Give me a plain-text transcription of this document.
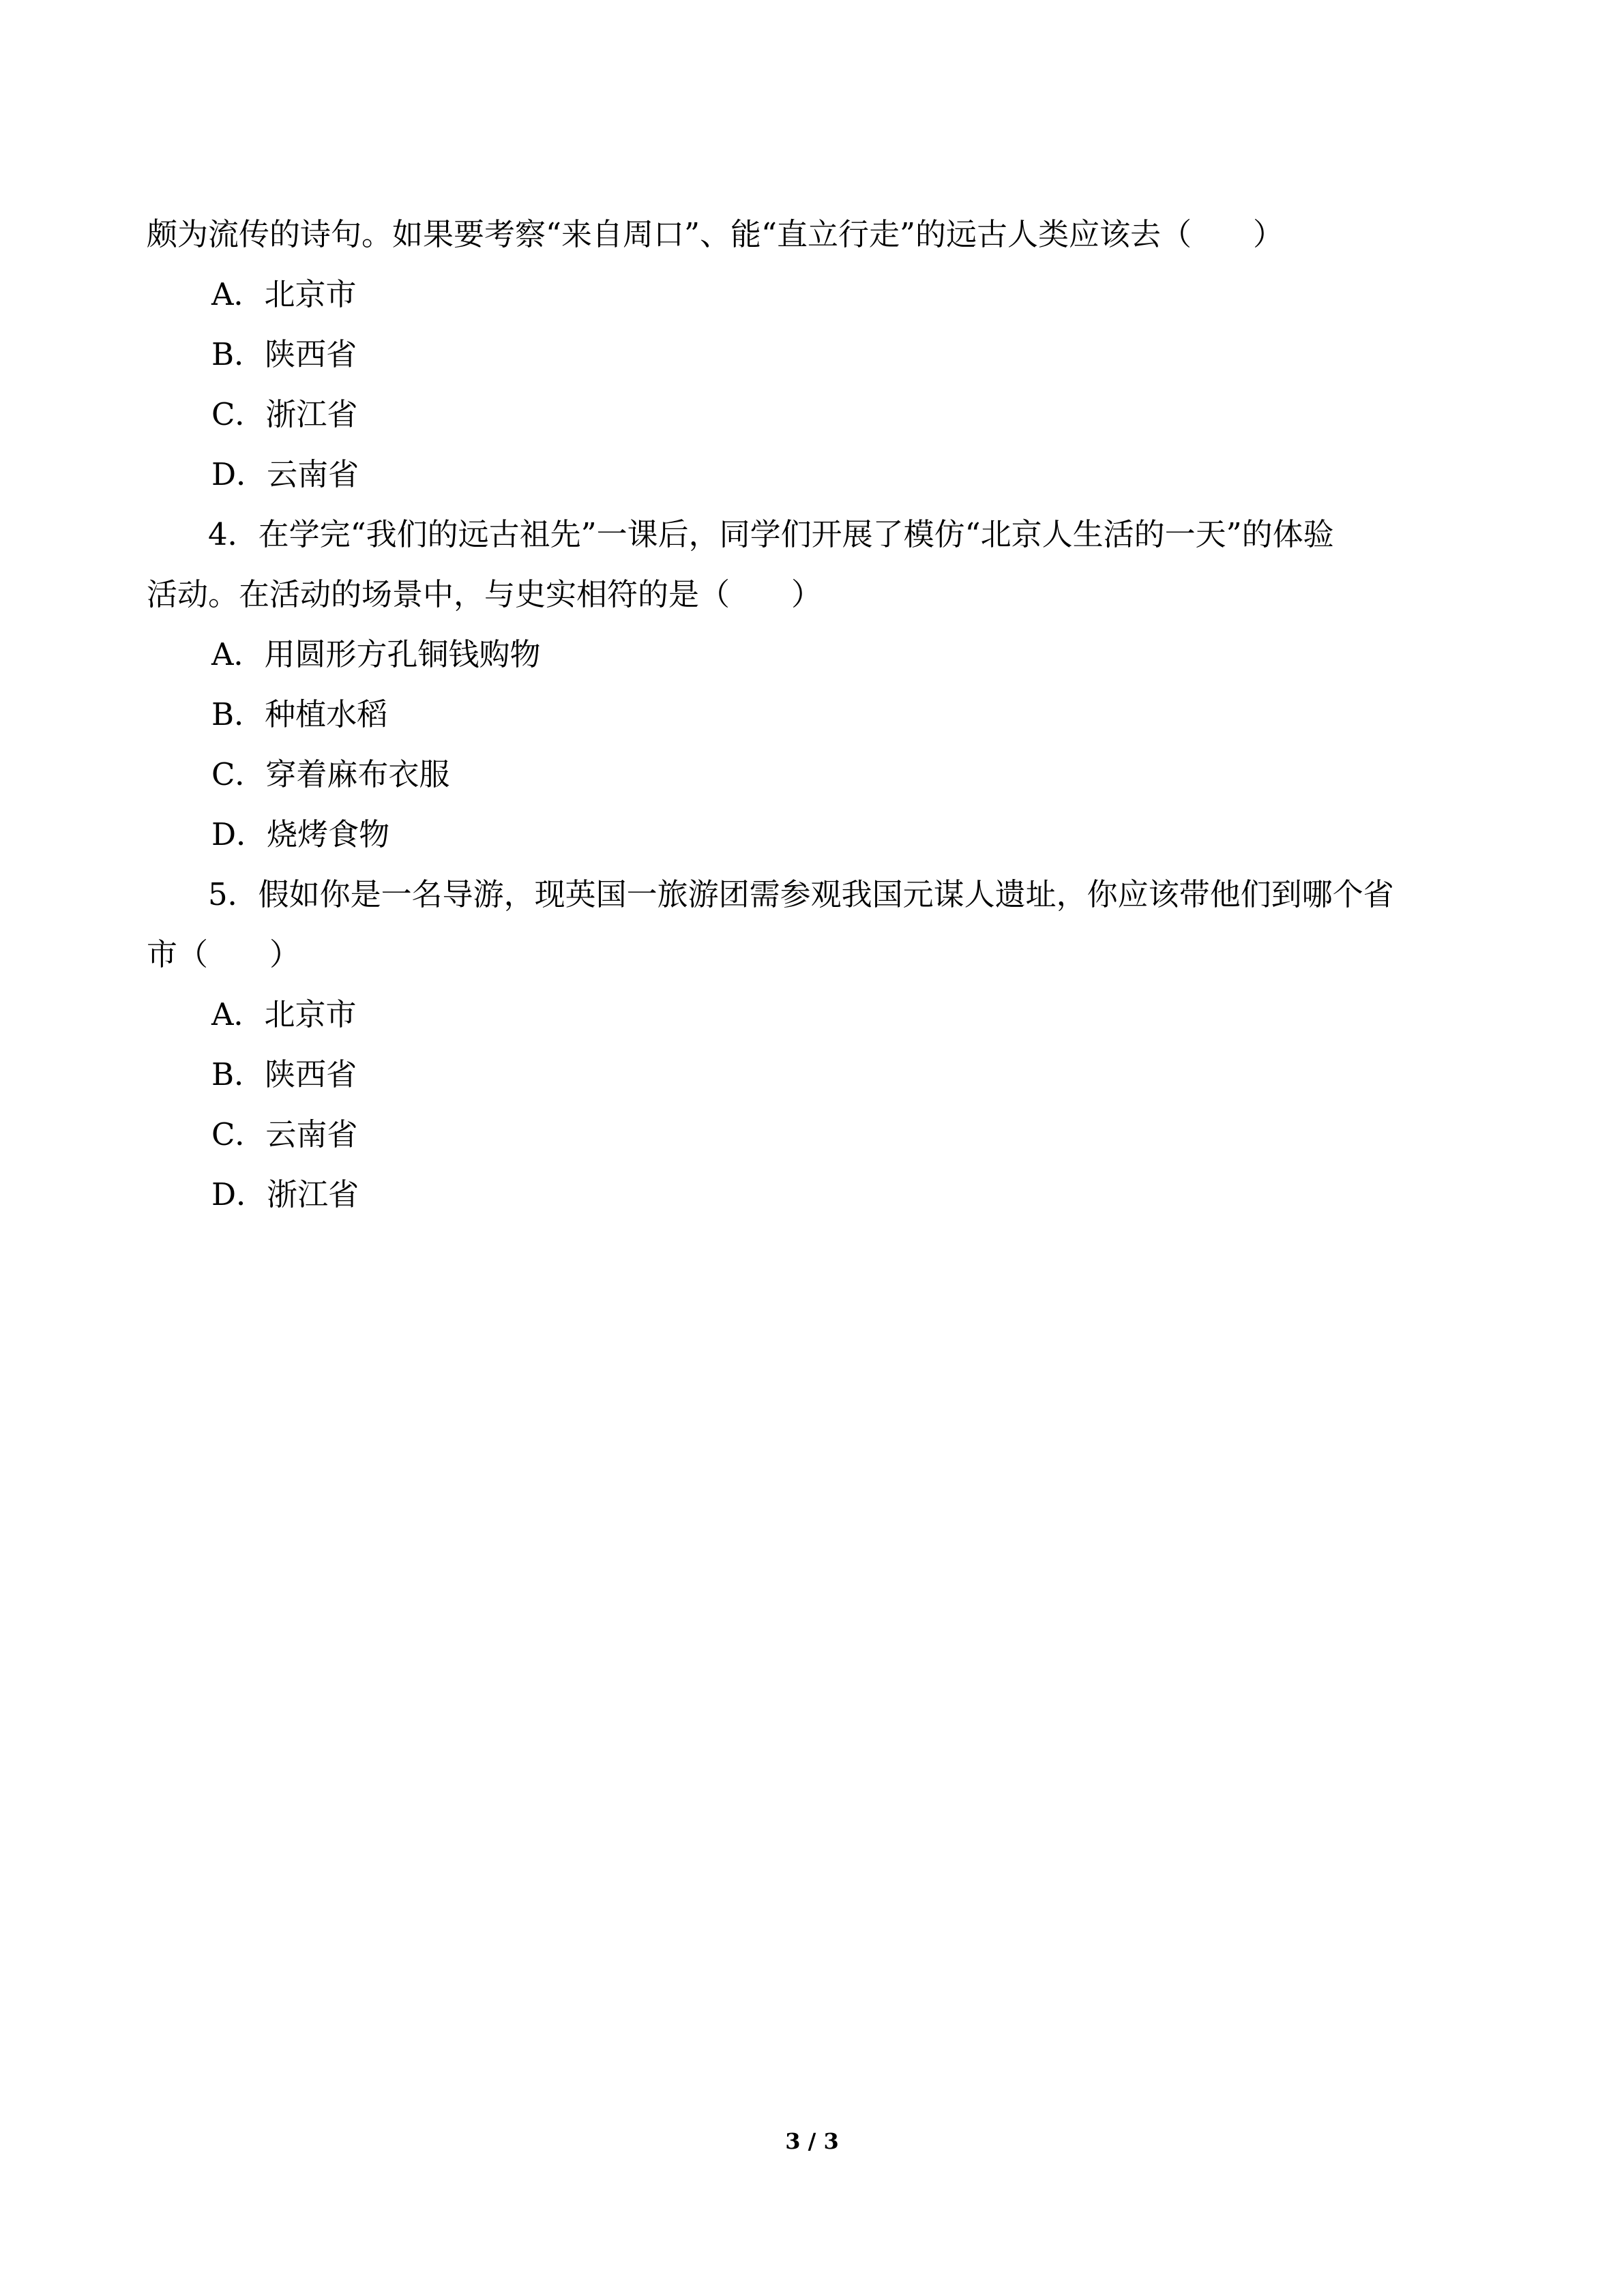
颇为流传的诗句。如果要考察“来自周口”、能“直立行走”的远古人类应该去（　　）
A．北京市
B．陕西省
C．浙江省
D．云南省
4．在学完“我们的远古祖先”一课后，同学们开展了模仿“北京人生活的一天”的体验
活动。在活动的场景中，与史实相符的是（　　）
A．用圆形方孔铜钱购物
B．种植水稻
C．穿着麻布衣服
D．烧烤食物
5．假如你是一名导游，现英国一旅游团需参观我国元谋人遗址，你应该带他们到哪个省
市（　　）
A．北京市
B．陕西省
C．云南省
D．浙江省
3 / 3
